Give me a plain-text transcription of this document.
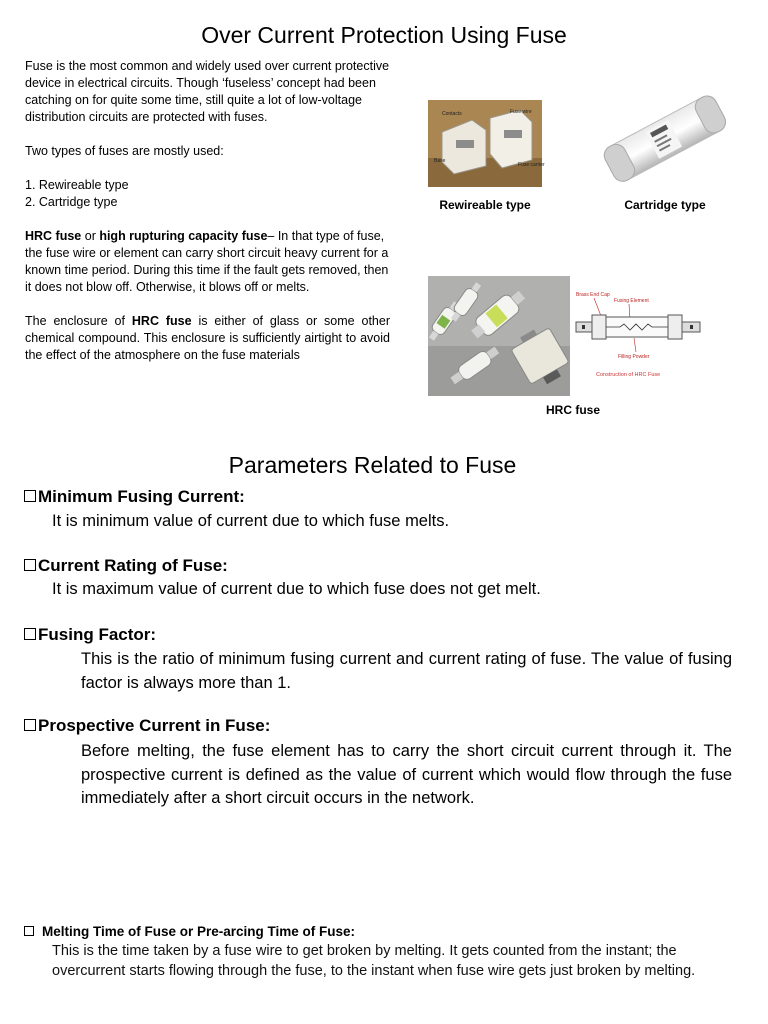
Over Current Protection Using Fuse

Fuse is the most common and widely used over current protective device in electrical circuits. Though ‘fuseless’ concept had been catching on for quite some time, still quite a lot of low-voltage distribution circuits are protected with fuses.

Two types of fuses are mostly used:

1. Rewireable type
2. Cartridge type

HRC fuse or high rupturing capacity fuse– In that type of fuse, the fuse wire or element can carry short circuit heavy current for a known time period. During this time if the fault gets removed, then it does not blow off. Otherwise, it blows off or melts.

The enclosure of HRC fuse is either of glass or some other chemical compound. This enclosure is sufficiently airtight to avoid the effect of the atmosphere on the fuse materials

Contacts	Fuse wire
Base
Fuse carrier
Rewireable type	Cartridge type
Brass End Cap
Fusing Element
Filling Powder
Construction of HRC Fuse
HRC fuse
Parameters Related to Fuse
Minimum Fusing Current:
It is minimum value of current due to which fuse melts.
Current Rating of Fuse:
It is maximum value of current due to which fuse does not get melt.
Fusing Factor:
This is the ratio of minimum fusing current and current rating of fuse. The value of fusing factor is always more than 1.
Prospective Current in Fuse:
Before melting, the fuse element has to carry the short circuit current through it. The prospective current is defined as the value of current which would flow through the fuse immediately after a short circuit occurs in the network.
Melting Time of Fuse or Pre-arcing Time of Fuse:
This is the time taken by a fuse wire to get broken by melting. It gets counted from the instant; the overcurrent starts flowing through the fuse, to the instant when fuse wire gets just broken by melting.
